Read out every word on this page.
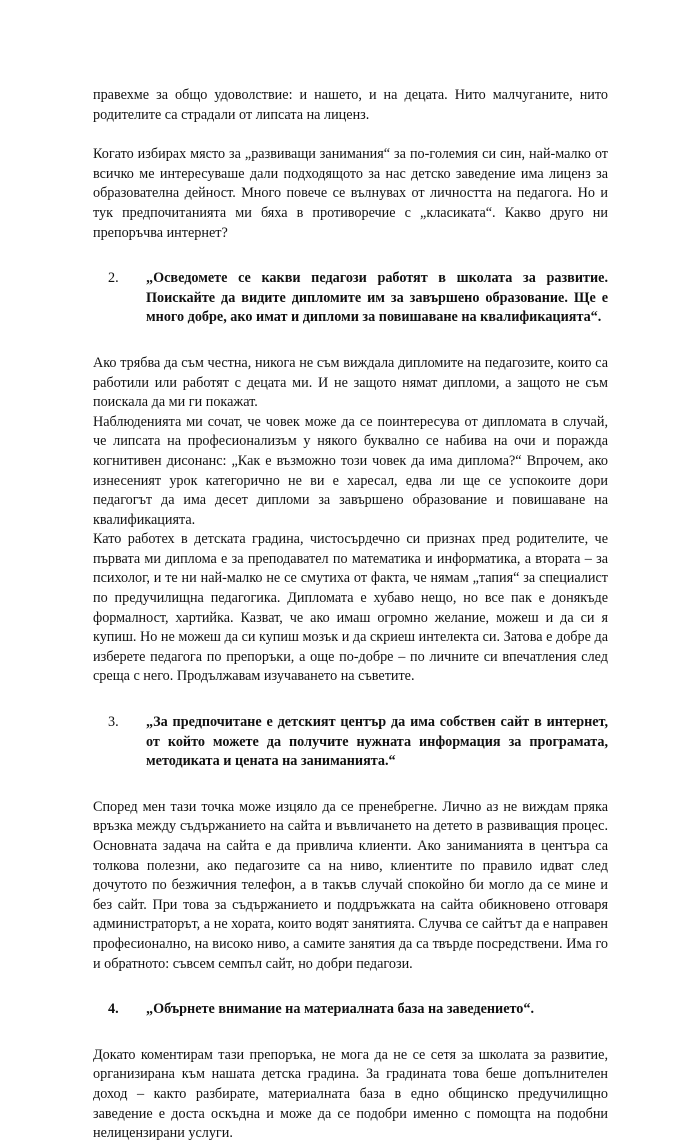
правехме за общо удоволствие: и нашето, и на децата. Нито малчуганите, нито родителите са страдали от липсата на лиценз.

Когато избирах място за „развиващи занимания“ за по-големия си син, най-малко от всичко ме интересуваше дали подходящото за нас детско заведение има лиценз за образователна дейност. Много повече се вълнувах от личността на педагога. Но и тук предпочитанията ми бяха в противоречие с „класиката“. Какво друго ни препоръчва интернет?

2.	„Осведомете се какви педагози работят в школата за развитие. Поискайте да видите дипломите им за завършено образование. Ще е много добре, ако имат и дипломи за повишаване на квалификацията“.

Ако трябва да съм честна, никога не съм виждала дипломите на педагозите, които са работили или работят с децата ми. И не защото нямат дипломи, а защото не съм поискала да ми ги покажат.

Наблюденията ми сочат, че човек може да се поинтересува от дипломата в случай, че липсата на професионализъм у някого буквално се набива на очи и поражда когнитивен дисонанс: „Как е възможно този човек да има диплома?“ Впрочем, ако изнесеният урок категорично не ви е харесал, едва ли ще се успокоите дори педагогът да има десет дипломи за завършено образование и повишаване на квалификацията.

Като работех в детската градина, чистосърдечно си признах пред родителите, че първата ми диплома е за преподавател по математика и информатика, а втората – за психолог, и те ни най-малко не се смутиха от факта, че нямам „тапия“ за специалист по предучилищна педагогика. Дипломата е хубаво нещо, но все пак е донякъде формалност, хартийка. Казват, че ако имаш огромно желание, можеш и да си я купиш. Но не можеш да си купиш мозък и да скриеш интелекта си. Затова е добре да изберете педагога по препоръки, а още по-добре – по личните си впечатления след среща с него. Продължавам изучаването на съветите.

3.	„За предпочитане е детският център да има собствен сайт в интернет, от който можете да получите нужната информация за програмата, методиката и цената на заниманията.“

Според мен тази точка може изцяло да се пренебрегне. Лично аз не виждам пряка връзка между съдържанието на сайта и въвличането на детето в развиващия процес. Основната задача на сайта е да привлича клиенти. Ако заниманията в центъра са толкова полезни, ако педагозите са на ниво, клиентите по правило идват след дочутото по безжичния телефон, а в такъв случай спокойно би могло да се мине и без сайт. При това за съдържанието и поддръжката на сайта обикновено отговаря администраторът, а не хората, които водят занятията. Случва се сайтът да е направен професионално, на високо ниво, а самите занятия да са твърде посредствени. Има го и обратното: съвсем семпъл сайт, но добри педагози.

4.	„Обърнете внимание на материалната база на заведението“.

Докато коментирам тази препоръка, не мога да не се сетя за школата за развитие, организирана към нашата детска градина. За градината това беше допълнителен доход – както разбирате, материалната база в едно общинско предучилищно заведение е доста оскъдна и може да се подобри именно с помощта на подобни нелицензирани услуги.
